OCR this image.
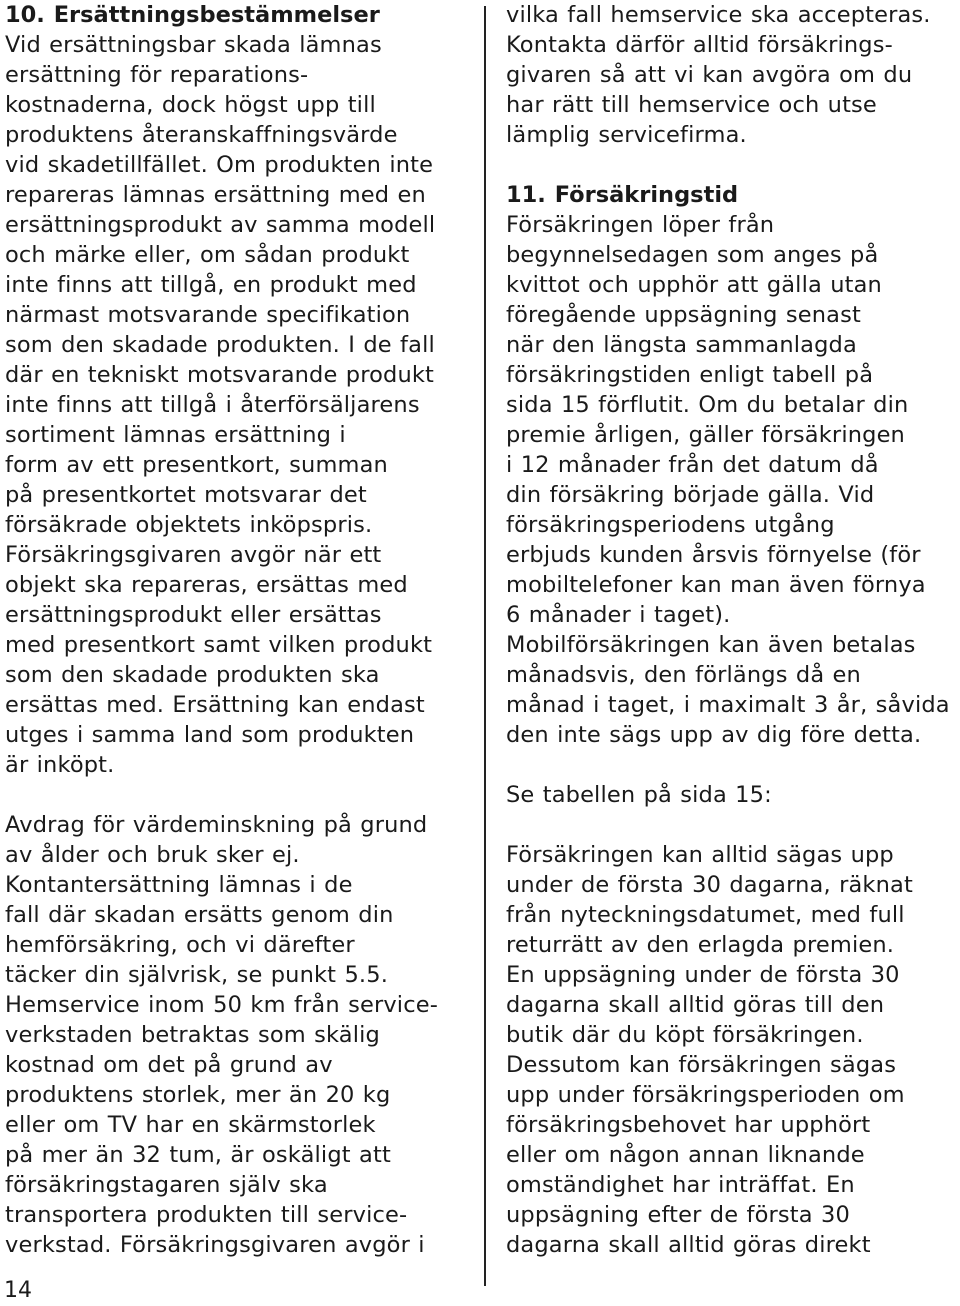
10. Ersättningsbestämmelser
Vid ersättningsbar skada lämnas
ersättning för reparations-
kostnaderna, dock högst upp till
produktens återanskaffningsvärde
vid skadetillfället. Om produkten inte
repareras lämnas ersättning med en
ersättningsprodukt av samma modell
och märke eller, om sådan produkt
inte finns att tillgå, en produkt med
närmast motsvarande specifikation
som den skadade produkten. I de fall
där en tekniskt motsvarande produkt
inte finns att tillgå i återförsäljarens
sortiment lämnas ersättning i
form av ett presentkort, summan
på presentkortet motsvarar det
försäkrade objektets inköpspris.
Försäkringsgivaren avgör när ett
objekt ska repareras, ersättas med
ersättningsprodukt eller ersättas
med presentkort samt vilken produkt
som den skadade produkten ska
ersättas med. Ersättning kan endast
utges i samma land som produkten
är inköpt.
Avdrag för värdeminskning på grund
av ålder och bruk sker ej.
Kontantersättning lämnas i de
fall där skadan ersätts genom din
hemförsäkring, och vi därefter
täcker din självrisk, se punkt 5.5.
Hemservice inom 50 km från service-
verkstaden betraktas som skälig
kostnad om det på grund av
produktens storlek, mer än 20 kg
eller om TV har en skärmstorlek
på mer än 32 tum, är oskäligt att
försäkringstagaren själv ska
transportera produkten till service-
verkstad. Försäkringsgivaren avgör i
vilka fall hemservice ska accepteras.
Kontakta därför alltid försäkrings-
givaren så att vi kan avgöra om du
har rätt till hemservice och utse
lämplig servicefirma.
11. Försäkringstid
Försäkringen löper från
begynnelsedagen som anges på
kvittot och upphör att gälla utan
föregående uppsägning senast
när den längsta sammanlagda
försäkringstiden enligt tabell på
sida 15 förflutit. Om du betalar din
premie årligen, gäller försäkringen
i 12 månader från det datum då
din försäkring började gälla. Vid
försäkringsperiodens utgång
erbjuds kunden årsvis förnyelse (för
mobiltelefoner kan man även förnya
6 månader i taget).
Mobilförsäkringen kan även betalas
månadsvis, den förlängs då en
månad i taget, i maximalt 3 år, såvida
den inte sägs upp av dig före detta.
Se tabellen på sida 15:
Försäkringen kan alltid sägas upp
under de första 30 dagarna, räknat
från nyteckningsdatumet, med full
returrätt av den erlagda premien.
En uppsägning under de första 30
dagarna skall alltid göras till den
butik där du köpt försäkringen.
Dessutom kan försäkringen sägas
upp under försäkringsperioden om
försäkringsbehovet har upphört
eller om någon annan liknande
omständighet har inträffat. En
uppsägning efter de första 30
dagarna skall alltid göras direkt
14
